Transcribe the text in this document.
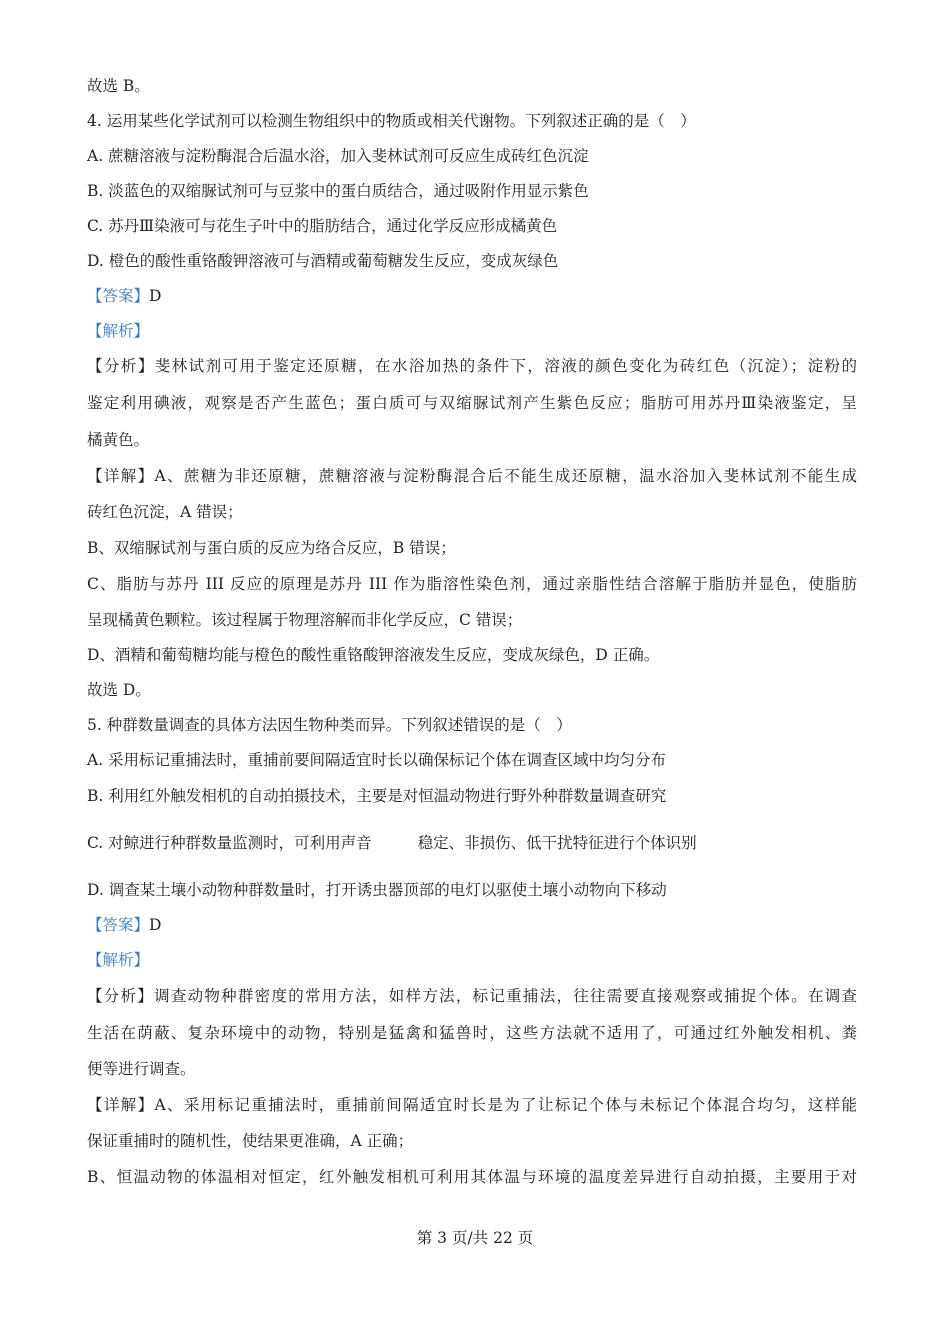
故选 B。
4. 运用某些化学试剂可以检测生物组织中的物质或相关代谢物。下列叙述正确的是（　）
A. 蔗糖溶液与淀粉酶混合后温水浴，加入斐林试剂可反应生成砖红色沉淀
B. 淡蓝色的双缩脲试剂可与豆浆中的蛋白质结合，通过吸附作用显示紫色
C. 苏丹Ⅲ染液可与花生子叶中的脂肪结合，通过化学反应形成橘黄色
D. 橙色的酸性重铬酸钾溶液可与酒精或葡萄糖发生反应，变成灰绿色
【答案】D
【解析】
【分析】斐林试剂可用于鉴定还原糖，在水浴加热的条件下，溶液的颜色变化为砖红色（沉淀）；淀粉的
鉴定利用碘液，观察是否产生蓝色；蛋白质可与双缩脲试剂产生紫色反应；脂肪可用苏丹Ⅲ染液鉴定，呈
橘黄色。
【详解】A、蔗糖为非还原糖，蔗糖溶液与淀粉酶混合后不能生成还原糖，温水浴加入斐林试剂不能生成
砖红色沉淀，A 错误；
B、双缩脲试剂与蛋白质的反应为络合反应，B 错误；
C、脂肪与苏丹 III 反应的原理是苏丹 III 作为脂溶性染色剂，通过亲脂性结合溶解于脂肪并显色，使脂肪
呈现橘黄色颗粒。该过程属于物理溶解而非化学反应，C 错误；
D、酒精和葡萄糖均能与橙色的酸性重铬酸钾溶液发生反应，变成灰绿色，D 正确。
故选 D。
5. 种群数量调查的具体方法因生物种类而异。下列叙述错误的是（　）
A. 采用标记重捕法时，重捕前要间隔适宜时长以确保标记个体在调查区域中均匀分布
B. 利用红外触发相机的自动拍摄技术，主要是对恒温动物进行野外种群数量调查研究
C. 对鲸进行种群数量监测时，可利用声音	稳定、非损伤、低干扰特征进行个体识别
D. 调查某土壤小动物种群数量时，打开诱虫器顶部的电灯以驱使土壤小动物向下移动
【答案】D
【解析】
【分析】调查动物种群密度的常用方法，如样方法，标记重捕法，往往需要直接观察或捕捉个体。在调查
生活在荫蔽、复杂环境中的动物，特别是猛禽和猛兽时，这些方法就不适用了，可通过红外触发相机、粪
便等进行调查。
【详解】A、采用标记重捕法时，重捕前间隔适宜时长是为了让标记个体与未标记个体混合均匀，这样能
保证重捕时的随机性，使结果更准确，A 正确；
B、恒温动物的体温相对恒定，红外触发相机可利用其体温与环境的温度差异进行自动拍摄，主要用于对
第 3 页/共 22 页
